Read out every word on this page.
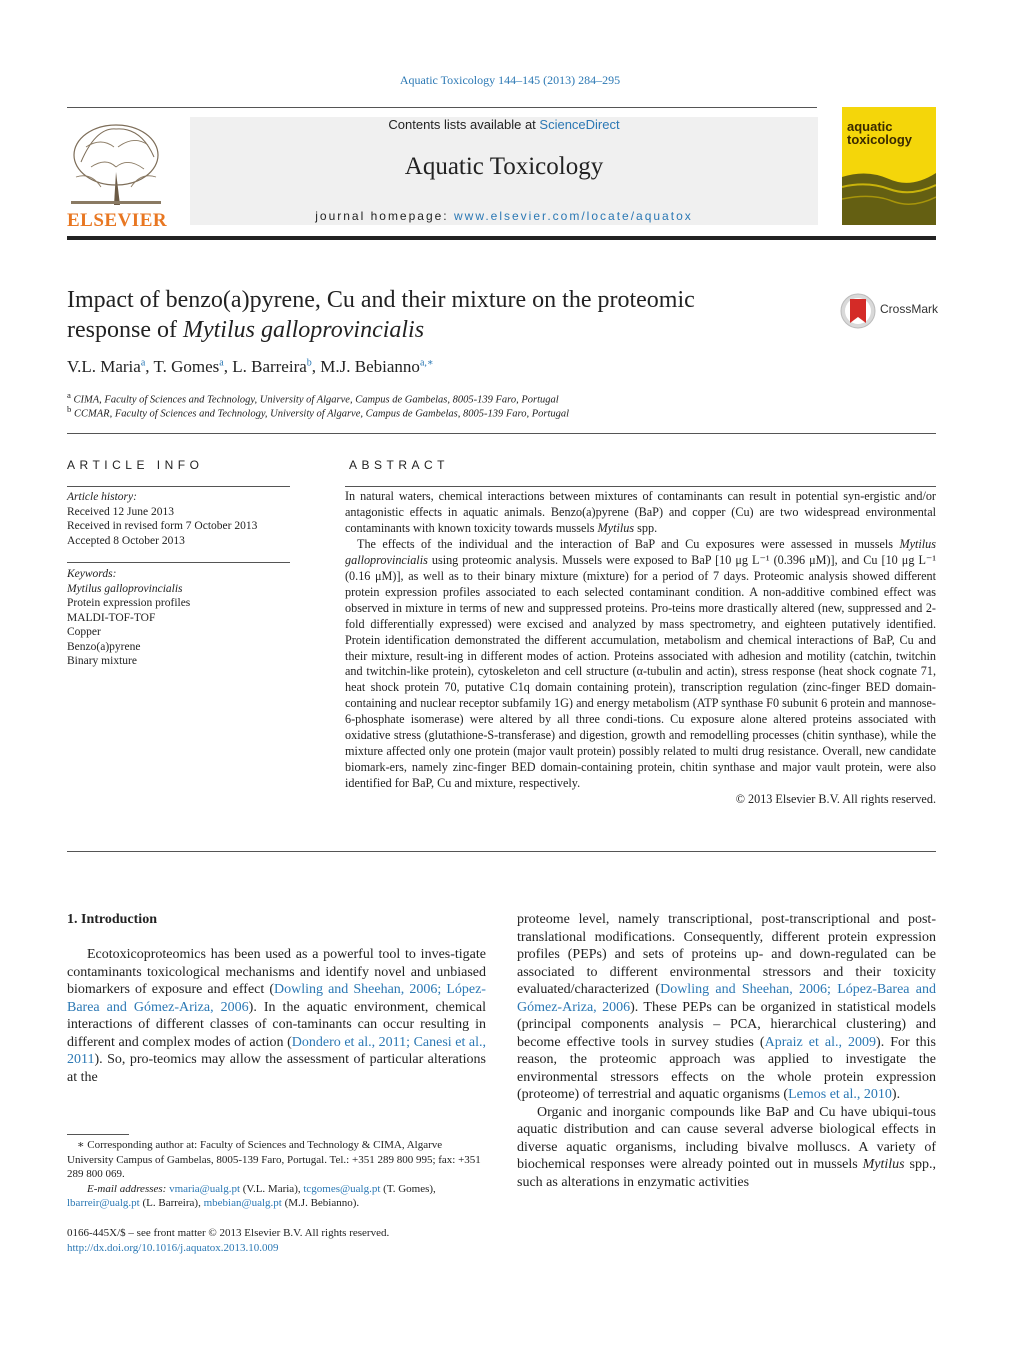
Aquatic Toxicology 144–145 (2013) 284–295
ELSEVIER
Contents lists available at ScienceDirect
Aquatic Toxicology
journal homepage: www.elsevier.com/locate/aquatox
aquatic
toxicology
Impact of benzo(a)pyrene, Cu and their mixture on the proteomic
response of Mytilus galloprovincialis
CrossMark
V.L. Maria$^a$, T. Gomes$^a$, L. Barreira$^b$, M.J. Bebianno$^{a,∗}$
$^a$ CIMA, Faculty of Sciences and Technology, University of Algarve, Campus de Gambelas, 8005-139 Faro, Portugal
$^b$ CCMAR, Faculty of Sciences and Technology, University of Algarve, Campus de Gambelas, 8005-139 Faro, Portugal
ARTICLE INFO
Article history:
Received 12 June 2013
Received in revised form 7 October 2013
Accepted 8 October 2013
Keywords:
Mytilus galloprovincialis
Protein expression profiles
MALDI-TOF-TOF
Copper
Benzo(a)pyrene
Binary mixture
ABSTRACT

In natural waters, chemical interactions between mixtures of contaminants can result in potential syn-ergistic and/or antagonistic effects in aquatic animals. Benzo(a)pyrene (BaP) and copper (Cu) are two widespread environmental contaminants with known toxicity towards mussels Mytilus spp.

The effects of the individual and the interaction of BaP and Cu exposures were assessed in mussels Mytilus galloprovincialis using proteomic analysis. Mussels were exposed to BaP [10 μg L⁻¹ (0.396 μM)], and Cu [10 μg L⁻¹ (0.16 μM)], as well as to their binary mixture (mixture) for a period of 7 days. Proteomic analysis showed different protein expression profiles associated to each selected contaminant condition. A non-additive combined effect was observed in mixture in terms of new and suppressed proteins. Pro-teins more drastically altered (new, suppressed and 2-fold differentially expressed) were excised and analyzed by mass spectrometry, and eighteen putatively identified. Protein identification demonstrated the different accumulation, metabolism and chemical interactions of BaP, Cu and their mixture, result-ing in different modes of action. Proteins associated with adhesion and motility (catchin, twitchin and twitchin-like protein), cytoskeleton and cell structure (α-tubulin and actin), stress response (heat shock cognate 71, heat shock protein 70, putative C1q domain containing protein), transcription regulation (zinc-finger BED domain-containing and nuclear receptor subfamily 1G) and energy metabolism (ATP synthase F0 subunit 6 protein and mannose-6-phosphate isomerase) were altered by all three condi-tions. Cu exposure alone altered proteins associated with oxidative stress (glutathione-S-transferase) and digestion, growth and remodelling processes (chitin synthase), while the mixture affected only one protein (major vault protein) possibly related to multi drug resistance. Overall, new candidate biomark-ers, namely zinc-finger BED domain-containing protein, chitin synthase and major vault protein, were also identified for BaP, Cu and mixture, respectively.

© 2013 Elsevier B.V. All rights reserved.

1. Introduction

Ecotoxicoproteomics has been used as a powerful tool to inves-tigate contaminants toxicological mechanisms and identify novel and unbiased biomarkers of exposure and effect (Dowling and Sheehan, 2006; López-Barea and Gómez-Ariza, 2006). In the aquatic environment, chemical interactions of different classes of con-taminants can occur resulting in different and complex modes of action (Dondero et al., 2011; Canesi et al., 2011). So, pro-teomics may allow the assessment of particular alterations at the

proteome level, namely transcriptional, post-transcriptional and post-translational modifications. Consequently, different protein expression profiles (PEPs) and sets of proteins up- and down-regulated can be associated to different environmental stressors and their toxicity evaluated/characterized (Dowling and Sheehan, 2006; López-Barea and Gómez-Ariza, 2006). These PEPs can be organized in statistical models (principal components analysis – PCA, hierarchical clustering) and become effective tools in survey studies (Apraiz et al., 2009). For this reason, the proteomic approach was applied to investigate the environmental stressors effects on the whole protein expression (proteome) of terrestrial and aquatic organisms (Lemos et al., 2010).

Organic and inorganic compounds like BaP and Cu have ubiqui-tous aquatic distribution and can cause several adverse biological effects in diverse aquatic organisms, including bivalve molluscs. A variety of biochemical responses were already pointed out in mussels Mytilus spp., such as alterations in enzymatic activities

∗ Corresponding author at: Faculty of Sciences and Technology & CIMA, Algarve University Campus of Gambelas, 8005-139 Faro, Portugal. Tel.: +351 289 800 995; fax: +351 289 800 069.
E-mail addresses: vmaria@ualg.pt (V.L. Maria), tcgomes@ualg.pt (T. Gomes), lbarreir@ualg.pt (L. Barreira), mbebian@ualg.pt (M.J. Bebianno).
0166-445X/$ – see front matter © 2013 Elsevier B.V. All rights reserved.
http://dx.doi.org/10.1016/j.aquatox.2013.10.009
